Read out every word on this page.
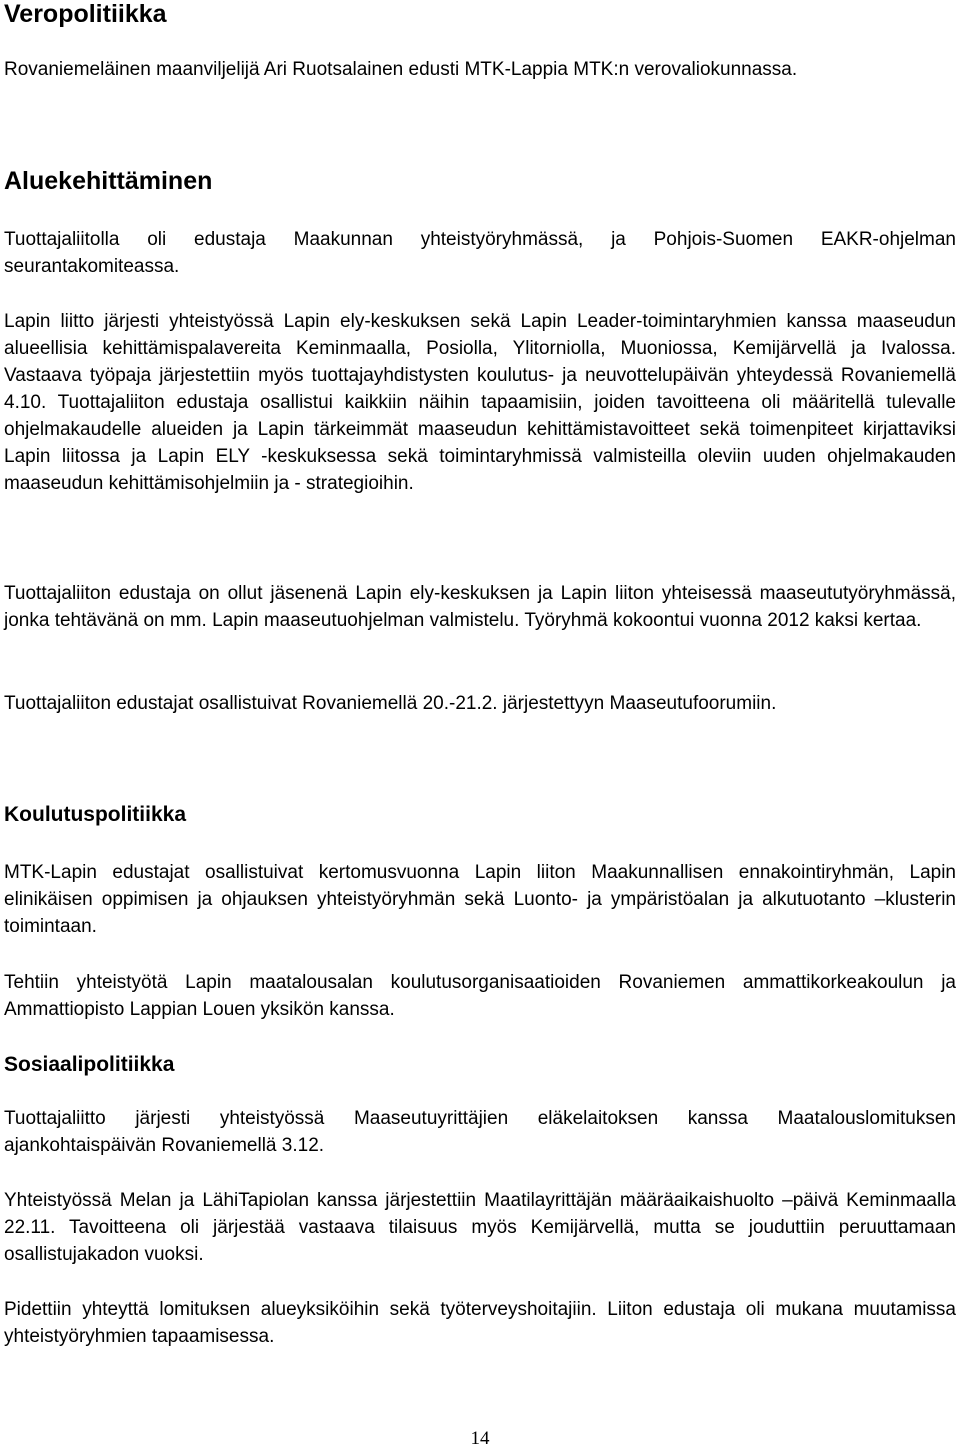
Veropolitiikka

Rovaniemeläinen maanviljelijä Ari Ruotsalainen edusti MTK-Lappia MTK:n verovaliokunnassa.

Aluekehittäminen

Tuottajaliitolla oli edustaja Maakunnan yhteistyöryhmässä, ja Pohjois-Suomen EAKR-ohjelman seurantakomiteassa.

Lapin liitto järjesti yhteistyössä Lapin ely-keskuksen sekä Lapin Leader-toimintaryhmien kanssa maaseudun alueellisia kehittämispalavereita Keminmaalla, Posiolla, Ylitorniolla, Muoniossa, Kemijärvellä ja Ivalossa. Vastaava työpaja järjestettiin myös tuottajayhdistysten koulutus- ja neuvottelupäivän yhteydessä Rovaniemellä 4.10. Tuottajaliiton edustaja osallistui kaikkiin näihin tapaamisiin, joiden tavoitteena oli määritellä tulevalle ohjelmakaudelle alueiden ja Lapin tärkeimmät maaseudun kehittämistavoitteet sekä toimenpiteet kirjattaviksi Lapin liitossa ja Lapin ELY -keskuksessa sekä toimintaryhmissä valmisteilla oleviin uuden ohjelmakauden maaseudun kehittämisohjelmiin ja - strategioihin.

Tuottajaliiton edustaja on ollut jäsenenä Lapin ely-keskuksen ja Lapin liiton yhteisessä maaseututyöryhmässä, jonka tehtävänä on mm. Lapin maaseutuohjelman valmistelu. Työryhmä kokoontui vuonna 2012 kaksi kertaa.

Tuottajaliiton edustajat osallistuivat Rovaniemellä 20.-21.2. järjestettyyn Maaseutufoorumiin.

Koulutuspolitiikka

MTK-Lapin edustajat osallistuivat kertomusvuonna Lapin liiton Maakunnallisen ennakointiryhmän, Lapin elinikäisen oppimisen ja ohjauksen yhteistyöryhmän sekä Luonto- ja ympäristöalan ja alkutuotanto –klusterin toimintaan.

Tehtiin yhteistyötä Lapin maatalousalan koulutusorganisaatioiden Rovaniemen ammattikorkeakoulun ja Ammattiopisto Lappian Louen yksikön kanssa.

Sosiaalipolitiikka

Tuottajaliitto järjesti yhteistyössä Maaseutuyrittäjien eläkelaitoksen kanssa Maatalouslomituksen ajankohtaispäivän Rovaniemellä 3.12.

Yhteistyössä Melan ja LähiTapiolan kanssa järjestettiin Maatilayrittäjän määräaikaishuolto –päivä Keminmaalla 22.11. Tavoitteena oli järjestää vastaava tilaisuus myös Kemijärvellä, mutta se jouduttiin peruuttamaan osallistujakadon vuoksi.

Pidettiin yhteyttä lomituksen alueyksiköihin sekä työterveyshoitajiin. Liiton edustaja oli mukana muutamissa yhteistyöryhmien tapaamisessa.

14
